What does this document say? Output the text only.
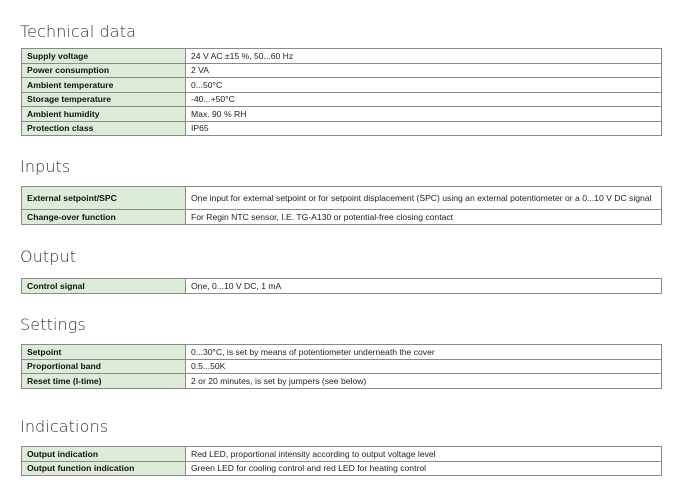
Technical data
Supply voltage	24 V AC ±15 %, 50...60 Hz
Power consumption	2 VA
Ambient temperature	0...50°C
Storage temperature	-40...+50°C
Ambient humidity	Max. 90 % RH
Protection class	IP65
Inputs
External setpoint/SPC	One input for external setpoint or for setpoint displacement (SPC) using an external potentiometer or a 0...10 V DC signal
Change-over function	For Regin NTC sensor, I.E. TG-A130 or potential-free closing contact
Output
Control signal	One, 0...10 V DC, 1 mA
Settings
Setpoint	0...30°C, is set by means of potentiometer underneath the cover
Proportional band	0.5...50K
Reset time (I-time)	2 or 20 minutes, is set by jumpers (see below)
Indications
Output indication	Red LED, proportional intensity according to output voltage level
Output function indication	Green LED for cooling control and red LED for heating control
